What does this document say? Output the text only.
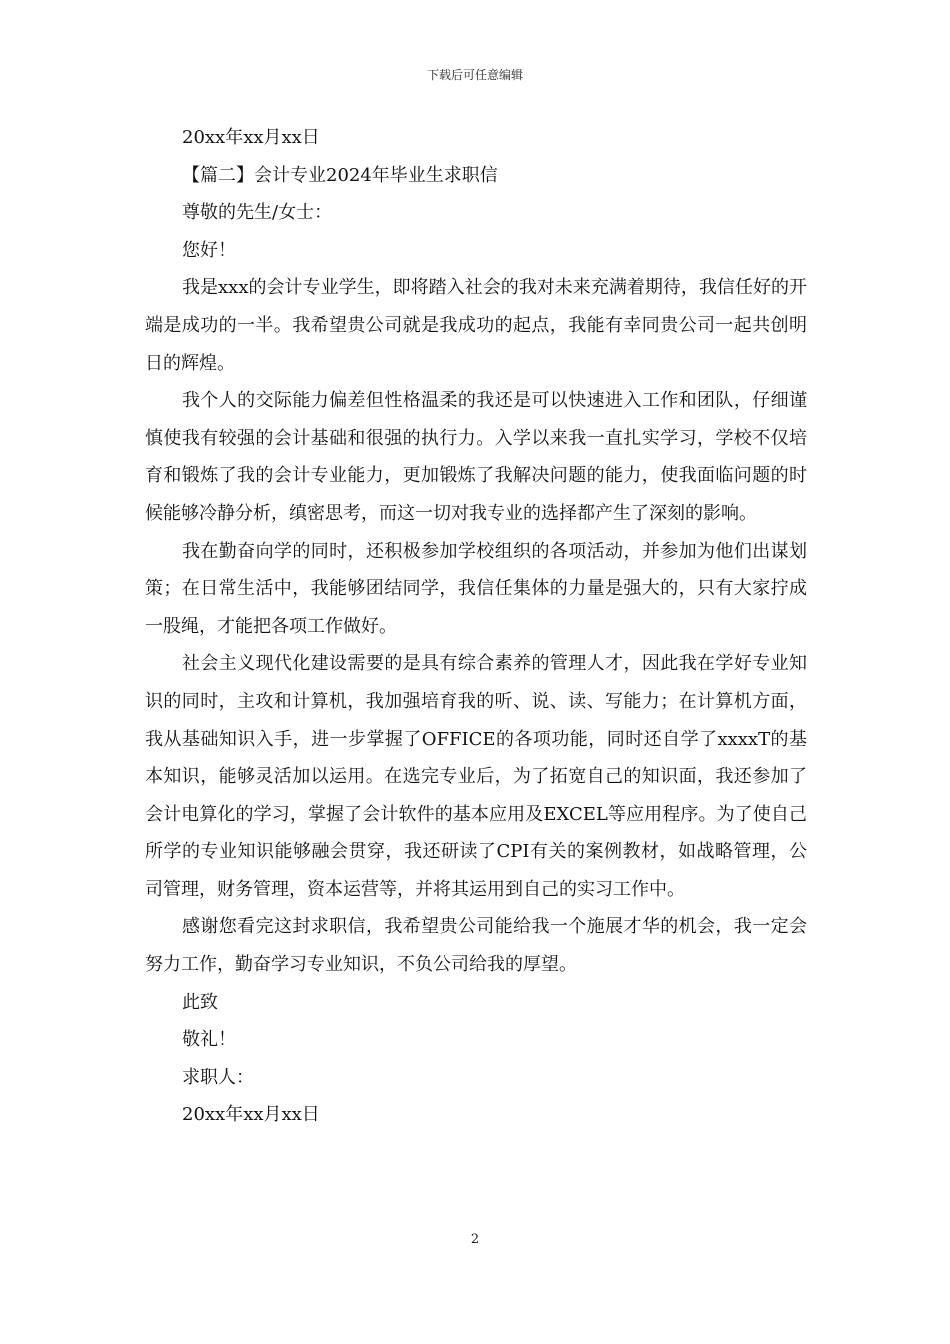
下载后可任意编辑

20xx年xx月xx日

【篇二】会计专业2024年毕业生求职信

尊敬的先生/女士：

您好！

我是xxx的会计专业学生，即将踏入社会的我对未来充满着期待，我信任好的开端是成功的一半。我希望贵公司就是我成功的起点，我能有幸同贵公司一起共创明日的辉煌。

我个人的交际能力偏差但性格温柔的我还是可以快速进入工作和团队，仔细谨慎使我有较强的会计基础和很强的执行力。入学以来我一直扎实学习，学校不仅培育和锻炼了我的会计专业能力，更加锻炼了我解决问题的能力，使我面临问题的时候能够冷静分析，缜密思考，而这一切对我专业的选择都产生了深刻的影响。

我在勤奋向学的同时，还积极参加学校组织的各项活动，并参加为他们出谋划策；在日常生活中，我能够团结同学，我信任集体的力量是强大的，只有大家拧成一股绳，才能把各项工作做好。

社会主义现代化建设需要的是具有综合素养的管理人才，因此我在学好专业知识的同时，主攻和计算机，我加强培育我的听、说、读、写能力；在计算机方面，我从基础知识入手，进一步掌握了OFFICE的各项功能，同时还自学了xxxxT的基本知识，能够灵活加以运用。在选完专业后，为了拓宽自己的知识面，我还参加了会计电算化的学习，掌握了会计软件的基本应用及EXCEL等应用程序。为了使自己所学的专业知识能够融会贯穿，我还研读了CPI有关的案例教材，如战略管理，公司管理，财务管理，资本运营等，并将其运用到自己的实习工作中。

感谢您看完这封求职信，我希望贵公司能给我一个施展才华的机会，我一定会努力工作，勤奋学习专业知识，不负公司给我的厚望。

此致

敬礼！

求职人：

20xx年xx月xx日

2
